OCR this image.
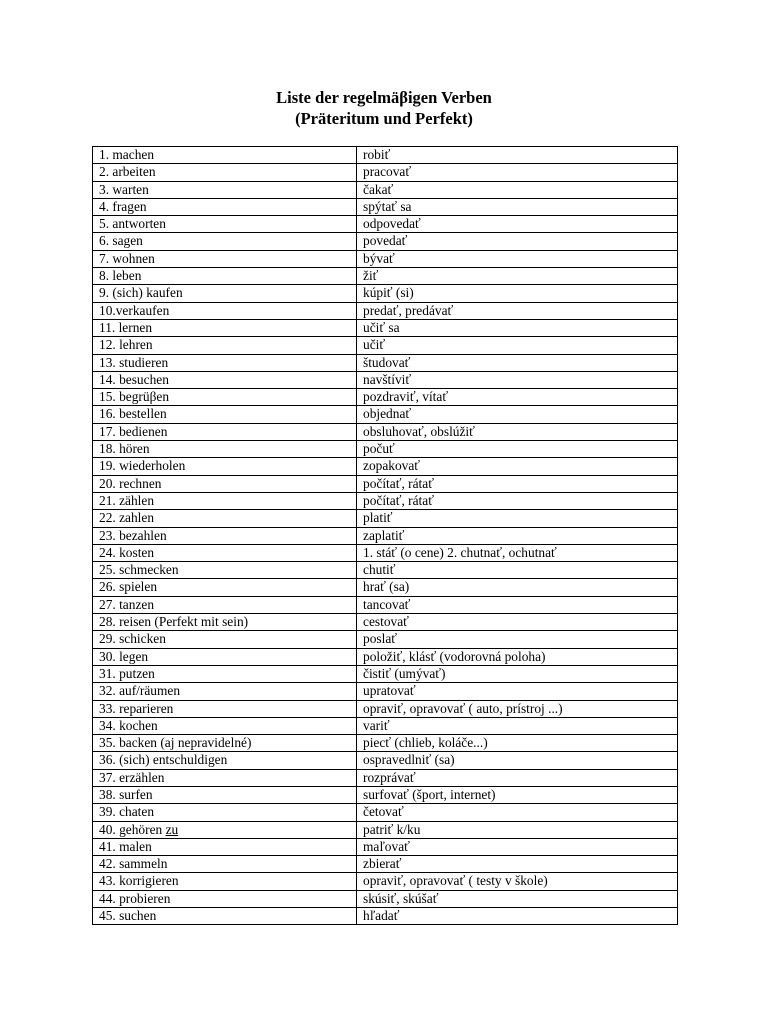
Liste der regelmäβigen Verben
(Präteritum und Perfekt)
1. machen	robiť
2. arbeiten	pracovať
3. warten	čakať
4. fragen	spýtať sa
5. antworten	odpovedať
6. sagen	povedať
7. wohnen	bývať
8. leben	žiť
9. (sich) kaufen	kúpiť (si)
10.verkaufen	predať, predávať
11. lernen	učiť sa
12. lehren	učiť
13. studieren	študovať
14. besuchen	navštíviť
15. begrüβen	pozdraviť, vítať
16. bestellen	objednať
17. bedienen	obsluhovať, obslúžiť
18. hören	počuť
19. wiederholen	zopakovať
20. rechnen	počítať, rátať
21. zählen	počítať, rátať
22. zahlen	platiť
23. bezahlen	zaplatiť
24. kosten	1. stáť (o cene) 2. chutnať, ochutnať
25. schmecken	chutiť
26. spielen	hrať (sa)
27. tanzen	tancovať
28. reisen (Perfekt mit sein)	cestovať
29. schicken	poslať
30. legen	položiť, klásť (vodorovná poloha)
31. putzen	čistiť (umývať)
32. auf/räumen	upratovať
33. reparieren	opraviť, opravovať ( auto, prístroj ...)
34. kochen	variť
35. backen (aj nepravidelné)	piecť (chlieb, koláče...)
36. (sich) entschuldigen	ospravedlniť (sa)
37. erzählen	rozprávať
38. surfen	surfovať (šport, internet)
39. chaten	četovať
40. gehören zu	patriť k/ku
41. malen	maľovať
42. sammeln	zbierať
43. korrigieren	opraviť, opravovať ( testy v škole)
44. probieren	skúsiť, skúšať
45. suchen	hľadať
